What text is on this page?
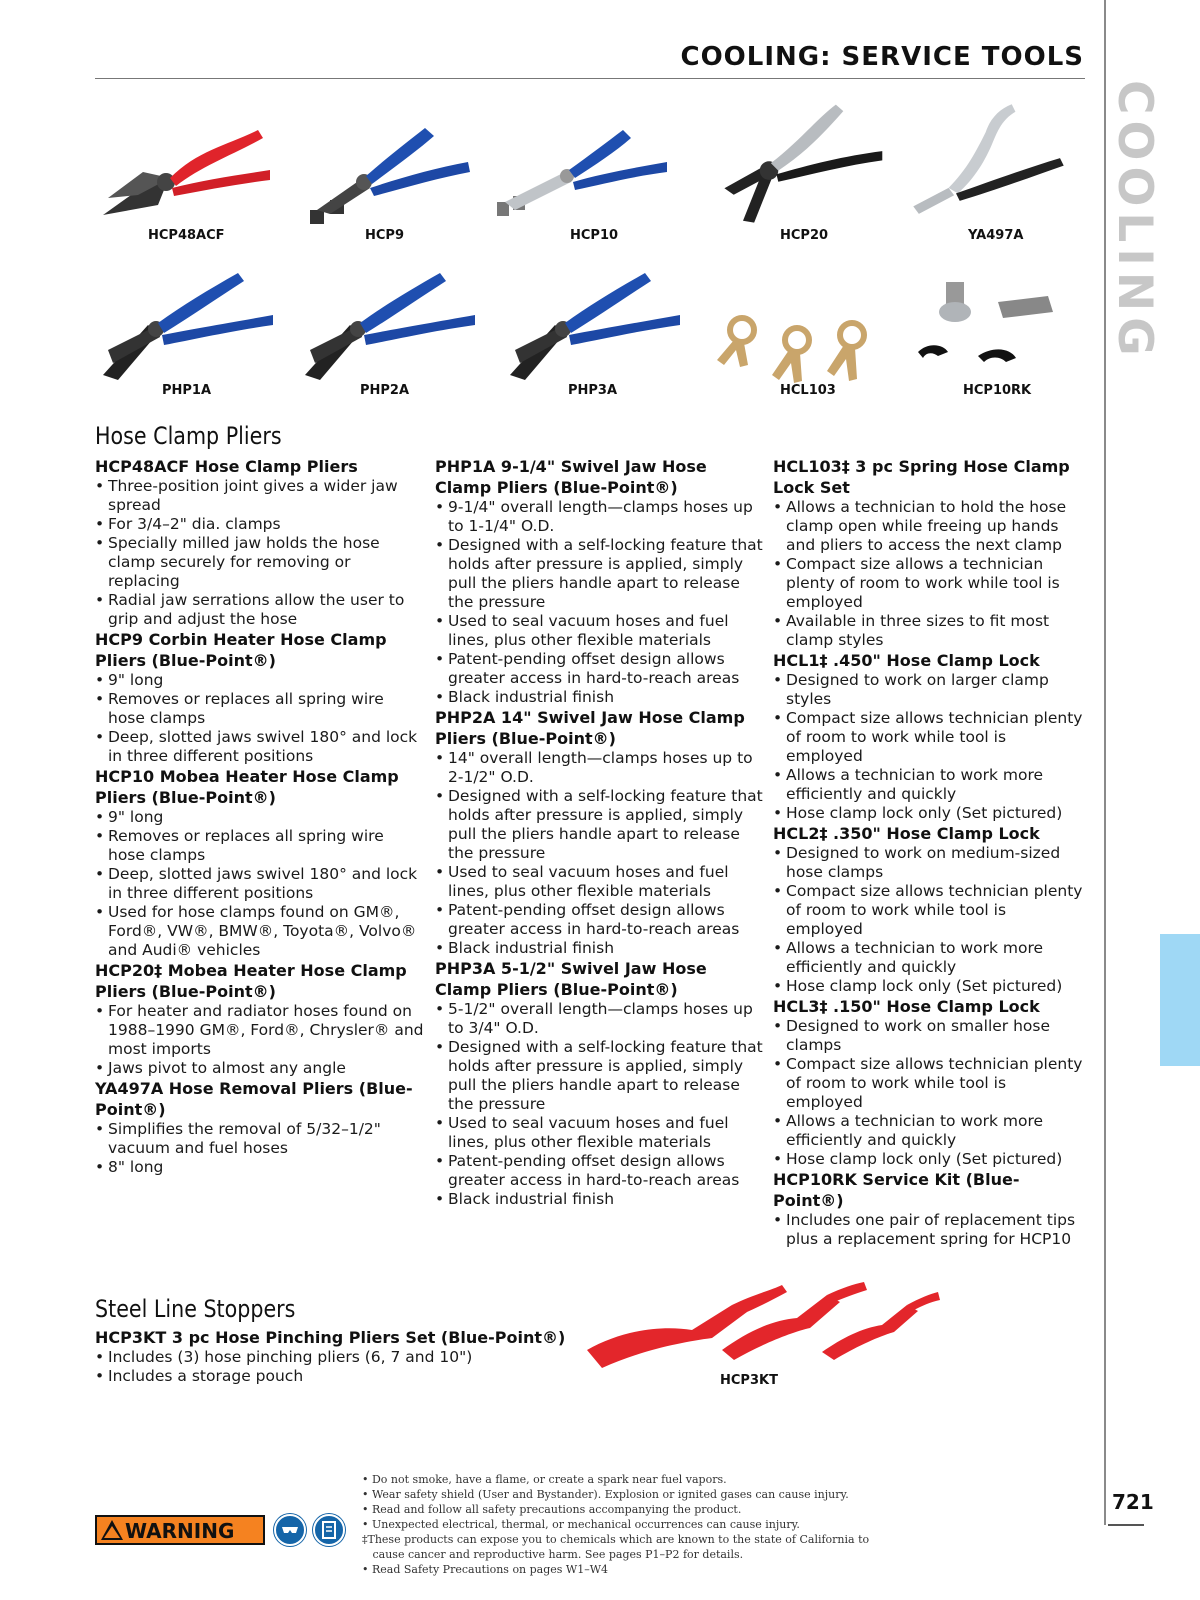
COOLING: SERVICE TOOLS
COOLING
721
HCP48ACF	HCP9	HCP10	HCP20	YA497A
PHP1A	PHP2A	PHP3A	HCL103	HCP10RK
Hose Clamp Pliers
HCP48ACF Hose Clamp Pliers
• Three-position joint gives a wider jaw spread
• For 3/4–2" dia. clamps
• Specially milled jaw holds the hose clamp securely for removing or replacing
• Radial jaw serrations allow the user to grip and adjust the hose
HCP9 Corbin Heater Hose Clamp Pliers (Blue-Point®)
• 9" long
• Removes or replaces all spring wire hose clamps
• Deep, slotted jaws swivel 180° and lock in three different positions
HCP10 Mobea Heater Hose Clamp Pliers (Blue-Point®)
• 9" long
• Removes or replaces all spring wire hose clamps
• Deep, slotted jaws swivel 180° and lock in three different positions
• Used for hose clamps found on GM®, Ford®, VW®, BMW®, Toyota®, Volvo® and Audi® vehicles
HCP20‡ Mobea Heater Hose Clamp Pliers (Blue-Point®)
• For heater and radiator hoses found on 1988–1990 GM®, Ford®, Chrysler® and most imports
• Jaws pivot to almost any angle
YA497A Hose Removal Pliers (Blue-Point®)
• Simplifies the removal of 5/32–1/2" vacuum and fuel hoses
• 8" long
PHP1A 9-1/4" Swivel Jaw Hose Clamp Pliers (Blue-Point®)
• 9-1/4" overall length—clamps hoses up to 1-1/4" O.D.
• Designed with a self-locking feature that holds after pressure is applied, simply pull the pliers handle apart to release the pressure
• Used to seal vacuum hoses and fuel lines, plus other flexible materials
• Patent-pending offset design allows greater access in hard-to-reach areas
• Black industrial finish
PHP2A 14" Swivel Jaw Hose Clamp Pliers (Blue-Point®)
• 14" overall length—clamps hoses up to 2-1/2" O.D.
• Designed with a self-locking feature that holds after pressure is applied, simply pull the pliers handle apart to release the pressure
• Used to seal vacuum hoses and fuel lines, plus other flexible materials
• Patent-pending offset design allows greater access in hard-to-reach areas
• Black industrial finish
PHP3A 5-1/2" Swivel Jaw Hose Clamp Pliers (Blue-Point®)
• 5-1/2" overall length—clamps hoses up to 3/4" O.D.
• Designed with a self-locking feature that holds after pressure is applied, simply pull the pliers handle apart to release the pressure
• Used to seal vacuum hoses and fuel lines, plus other flexible materials
• Patent-pending offset design allows greater access in hard-to-reach areas
• Black industrial finish
HCL103‡ 3 pc Spring Hose Clamp Lock Set
• Allows a technician to hold the hose clamp open while freeing up hands and pliers to access the next clamp
• Compact size allows a technician plenty of room to work while tool is employed
• Available in three sizes to fit most clamp styles
HCL1‡ .450" Hose Clamp Lock
• Designed to work on larger clamp styles
• Compact size allows technician plenty of room to work while tool is employed
• Allows a technician to work more efficiently and quickly
• Hose clamp lock only (Set pictured)
HCL2‡ .350" Hose Clamp Lock
• Designed to work on medium-sized hose clamps
• Compact size allows technician plenty of room to work while tool is employed
• Allows a technician to work more efficiently and quickly
• Hose clamp lock only (Set pictured)
HCL3‡ .150" Hose Clamp Lock
• Designed to work on smaller hose clamps
• Compact size allows technician plenty of room to work while tool is employed
• Allows a technician to work more efficiently and quickly
• Hose clamp lock only (Set pictured)
HCP10RK Service Kit (Blue-Point®)
• Includes one pair of replacement tips plus a replacement spring for HCP10
Steel Line Stoppers
HCP3KT 3 pc Hose Pinching Pliers Set (Blue-Point®)
• Includes (3) hose pinching pliers (6, 7 and 10")
• Includes a storage pouch	HCP3KT
WARNING
• Do not smoke, have a flame, or create a spark near fuel vapors.
• Wear safety shield (User and Bystander). Explosion or ignited gases can cause injury.
• Read and follow all safety precautions accompanying the product.
• Unexpected electrical, thermal, or mechanical occurrences can cause injury.
‡These products can expose you to chemicals which are known to the state of California to
cause cancer and reproductive harm. See pages P1–P2 for details.
• Read Safety Precautions on pages W1–W4
